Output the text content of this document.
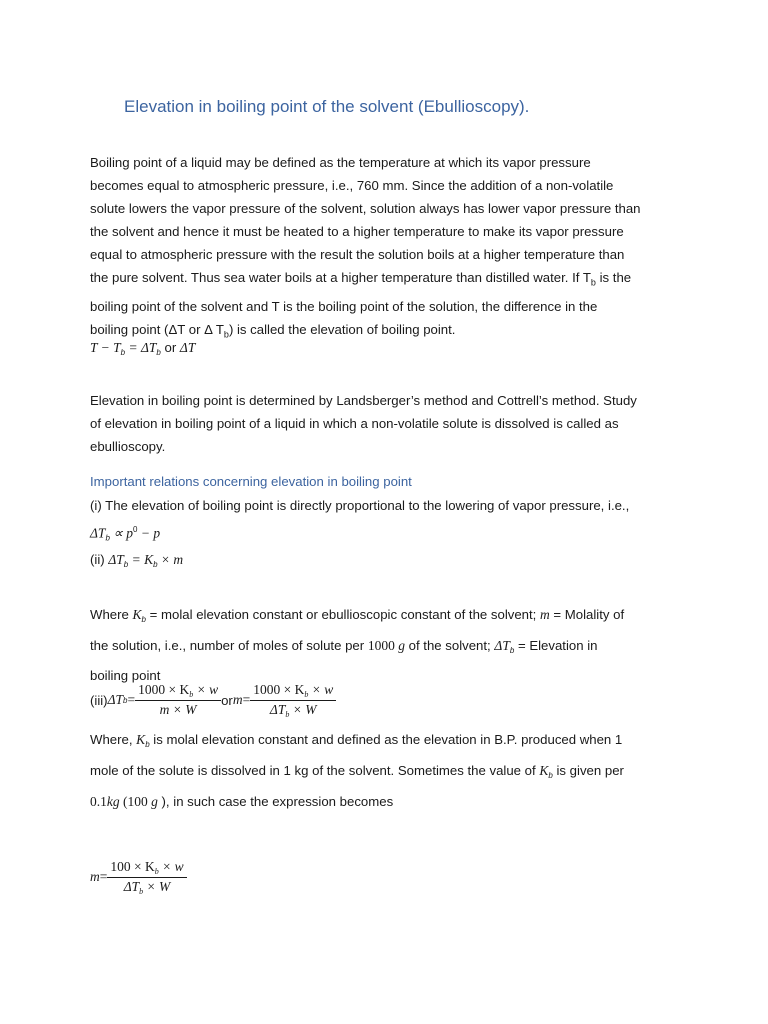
Elevation in boiling point of the solvent (Ebullioscopy).
Boiling point of a liquid may be defined as the temperature at which its vapor pressure
becomes equal to atmospheric pressure, i.e., 760 mm. Since the addition of a non-volatile
solute lowers the vapor pressure of the solvent, solution always has lower vapor pressure than
the solvent and hence it must be heated to a higher temperature to make its vapor pressure
equal to atmospheric pressure with the result the solution boils at a higher temperature than
the pure solvent. Thus sea water boils at a higher temperature than distilled water. If $T_b$ is the
boiling point of the solvent and T is the boiling point of the solution, the difference in the
boiling point (ΔT or Δ $T_b$) is called the elevation of boiling point.
$T - T_b = \Delta T_b$ or ΔT
Elevation in boiling point is determined by Landsberger’s method and Cottrell’s method. Study
of elevation in boiling point of a liquid in which a non-volatile solute is dissolved is called as
ebullioscopy.
Important relations concerning elevation in boiling point
(i) The elevation of boiling point is directly proportional to the lowering of vapor pressure, i.e.,
$\Delta T_b \propto p^0 - p$
(ii) $\Delta T_b = K_b \times m$
Where $K_b$ = molal elevation constant or ebullioscopic constant of the solvent; m = Molality of
the solution, i.e., number of moles of solute per 1000 g of the solvent; $\Delta T_b$ = Elevation in
boiling point
(iii) ΔT $b = \frac{1000 \times K_b \times w}{m \times W}$ or $m = \frac{1000 \times K_b \times w}{\Delta T_b \times W}$
Where, $K_b$ is molal elevation constant and defined as the elevation in B.P. produced when 1
mole of the solute is dissolved in 1 kg of the solvent. Sometimes the value of $K_b$ is given per
0.1kg (100 g ), in such case the expression becomes
$m = \frac{100 \times K_b \times w}{\Delta T_b \times W}$
